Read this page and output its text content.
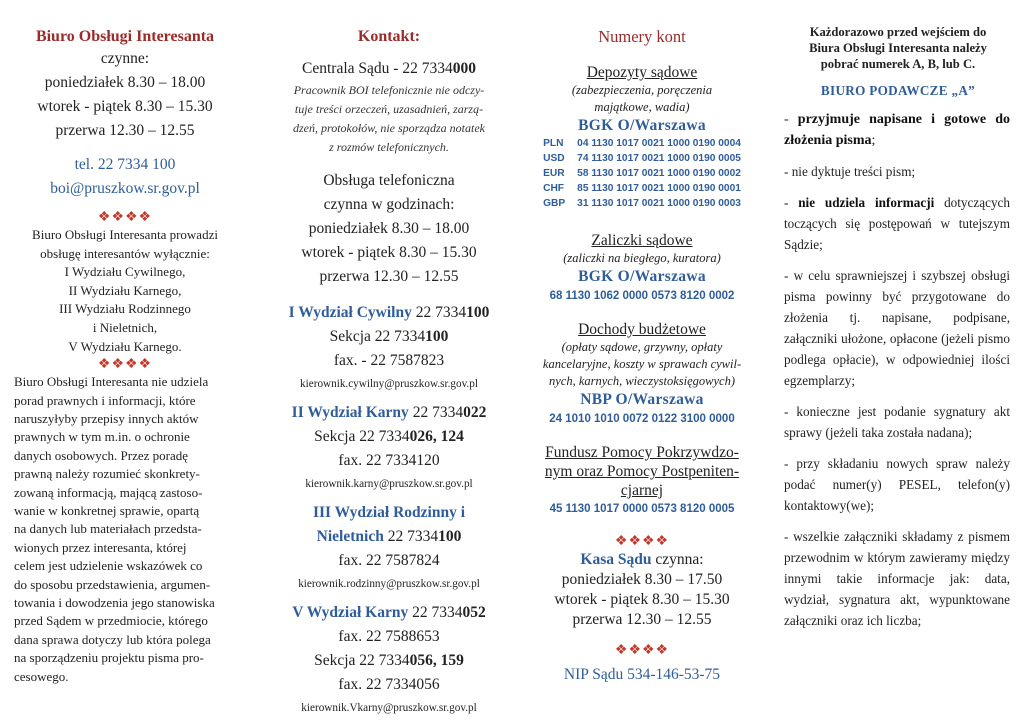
Biuro Obsługi Interesanta
czynne:
poniedziałek 8.30 – 18.00
wtorek - piątek 8.30 – 15.30
przerwa 12.30 – 12.55
tel. 22 7334 100
boi@pruszkow.sr.gov.pl
❖❖❖❖
Biuro Obsługi Interesanta prowadzi
obsługę interesantów wyłącznie:
I Wydziału Cywilnego,
II Wydziału Karnego,
III Wydziału Rodzinnego
i Nieletnich,
V Wydziału Karnego.
❖❖❖❖
Biuro Obsługi Interesanta nie udziela
porad prawnych i informacji, które
naruszyłyby przepisy innych aktów
prawnych w tym m.in. o ochronie
danych osobowych. Przez poradę
prawną należy rozumieć skonkrety-
zowaną informacją, mającą zastoso-
wanie w konkretnej sprawie, opartą
na danych lub materiałach przedsta-
wionych przez interesanta, której
celem jest udzielenie wskazówek co
do sposobu przedstawienia, argumen-
towania i dowodzenia jego stanowiska
przed Sądem w przedmiocie, którego
dana sprawa dotyczy lub która polega
na sporządzeniu projektu pisma pro-
cesowego.
Kontakt:
Centrala Sądu - 22 7334000
Pracownik BOI telefonicznie nie odczy-
tuje treści orzeczeń, uzasadnień, zarzą-
dzeń, protokołów, nie sporządza notatek
z rozmów telefonicznych.
Obsługa telefoniczna
czynna w godzinach:
poniedziałek 8.30 – 18.00
wtorek - piątek 8.30 – 15.30
przerwa 12.30 – 12.55
I Wydział Cywilny 22 7334100
Sekcja 22 7334100
fax. - 22 7587823
kierownik.cywilny@pruszkow.sr.gov.pl
II Wydział Karny 22 7334022
Sekcja 22 7334026, 124
fax. 22 7334120
kierownik.karny@pruszkow.sr.gov.pl
III Wydział Rodzinny i
Nieletnich 22 7334100
fax. 22 7587824
kierownik.rodzinny@pruszkow.sr.gov.pl
V Wydział Karny 22 7334052
fax. 22 7588653
Sekcja 22 7334056, 159
fax. 22 7334056
kierownik.Vkarny@pruszkow.sr.gov.pl
Numery kont
Depozyty sądowe
(zabezpieczenia, poręczenia
majątkowe, wadia)
BGK O/Warszawa
PLN	04 1130 1017 0021 1000 0190 0004
USD	74 1130 1017 0021 1000 0190 0005
EUR	58 1130 1017 0021 1000 0190 0002
CHF	85 1130 1017 0021 1000 0190 0001
GBP	31 1130 1017 0021 1000 0190 0003
Zaliczki sądowe
(zaliczki na biegłego, kuratora)
BGK O/Warszawa
68 1130 1062 0000 0573 8120 0002
Dochody budżetowe
(opłaty sądowe, grzywny, opłaty
kancelaryjne, koszty w sprawach cywil-
nych, karnych, wieczystoksięgowych)
NBP O/Warszawa
24 1010 1010 0072 0122 3100 0000
Fundusz Pomocy Pokrzywdzo-
nym oraz Pomocy Postpeniten-
cjarnej
45 1130 1017 0000 0573 8120 0005
❖❖❖❖
Kasa Sądu czynna:
poniedziałek 8.30 – 17.50
wtorek - piątek 8.30 – 15.30
przerwa 12.30 – 12.55
❖❖❖❖
NIP Sądu 534-146-53-75
Każdorazowo przed wejściem do
Biura Obsługi Interesanta należy
pobrać numerek A, B, lub C.
BIURO PODAWCZE „A”

- przyjmuje napisane i gotowe do złożenia pisma;

- nie dyktuje treści pism;

- nie udziela informacji dotyczących toczących się postępowań w tutejszym Sądzie;

- w celu sprawniejszej i szybszej obsługi pisma powinny być przygotowane do złożenia tj. napisane, podpisane, załączniki ułożone, opłacone (jeżeli pismo podlega opłacie), w odpowiedniej ilości egzemplarzy;

- konieczne jest podanie sygnatury akt sprawy (jeżeli taka została nadana);

- przy składaniu nowych spraw należy podać numer(y) PESEL, telefon(y) kontaktowy(we);

- wszelkie załączniki składamy z pismem przewodnim w którym zawieramy między innymi takie informacje jak: data, wydział, sygnatura akt, wypunktowane załączniki oraz ich liczba;
